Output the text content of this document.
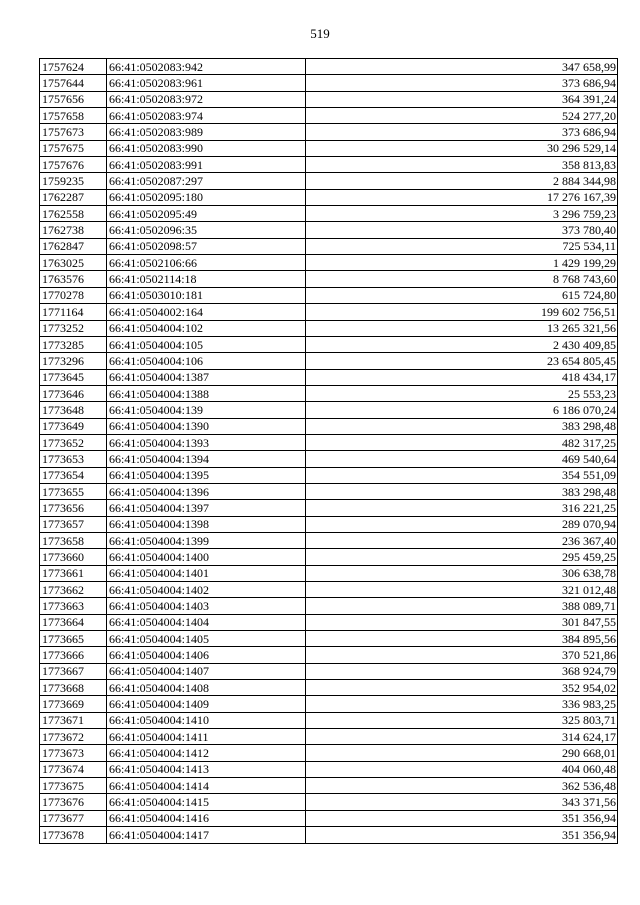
519
1757624	66:41:0502083:942	347 658,99
1757644	66:41:0502083:961	373 686,94
1757656	66:41:0502083:972	364 391,24
1757658	66:41:0502083:974	524 277,20
1757673	66:41:0502083:989	373 686,94
1757675	66:41:0502083:990	30 296 529,14
1757676	66:41:0502083:991	358 813,83
1759235	66:41:0502087:297	2 884 344,98
1762287	66:41:0502095:180	17 276 167,39
1762558	66:41:0502095:49	3 296 759,23
1762738	66:41:0502096:35	373 780,40
1762847	66:41:0502098:57	725 534,11
1763025	66:41:0502106:66	1 429 199,29
1763576	66:41:0502114:18	8 768 743,60
1770278	66:41:0503010:181	615 724,80
1771164	66:41:0504002:164	199 602 756,51
1773252	66:41:0504004:102	13 265 321,56
1773285	66:41:0504004:105	2 430 409,85
1773296	66:41:0504004:106	23 654 805,45
1773645	66:41:0504004:1387	418 434,17
1773646	66:41:0504004:1388	25 553,23
1773648	66:41:0504004:139	6 186 070,24
1773649	66:41:0504004:1390	383 298,48
1773652	66:41:0504004:1393	482 317,25
1773653	66:41:0504004:1394	469 540,64
1773654	66:41:0504004:1395	354 551,09
1773655	66:41:0504004:1396	383 298,48
1773656	66:41:0504004:1397	316 221,25
1773657	66:41:0504004:1398	289 070,94
1773658	66:41:0504004:1399	236 367,40
1773660	66:41:0504004:1400	295 459,25
1773661	66:41:0504004:1401	306 638,78
1773662	66:41:0504004:1402	321 012,48
1773663	66:41:0504004:1403	388 089,71
1773664	66:41:0504004:1404	301 847,55
1773665	66:41:0504004:1405	384 895,56
1773666	66:41:0504004:1406	370 521,86
1773667	66:41:0504004:1407	368 924,79
1773668	66:41:0504004:1408	352 954,02
1773669	66:41:0504004:1409	336 983,25
1773671	66:41:0504004:1410	325 803,71
1773672	66:41:0504004:1411	314 624,17
1773673	66:41:0504004:1412	290 668,01
1773674	66:41:0504004:1413	404 060,48
1773675	66:41:0504004:1414	362 536,48
1773676	66:41:0504004:1415	343 371,56
1773677	66:41:0504004:1416	351 356,94
1773678	66:41:0504004:1417	351 356,94
